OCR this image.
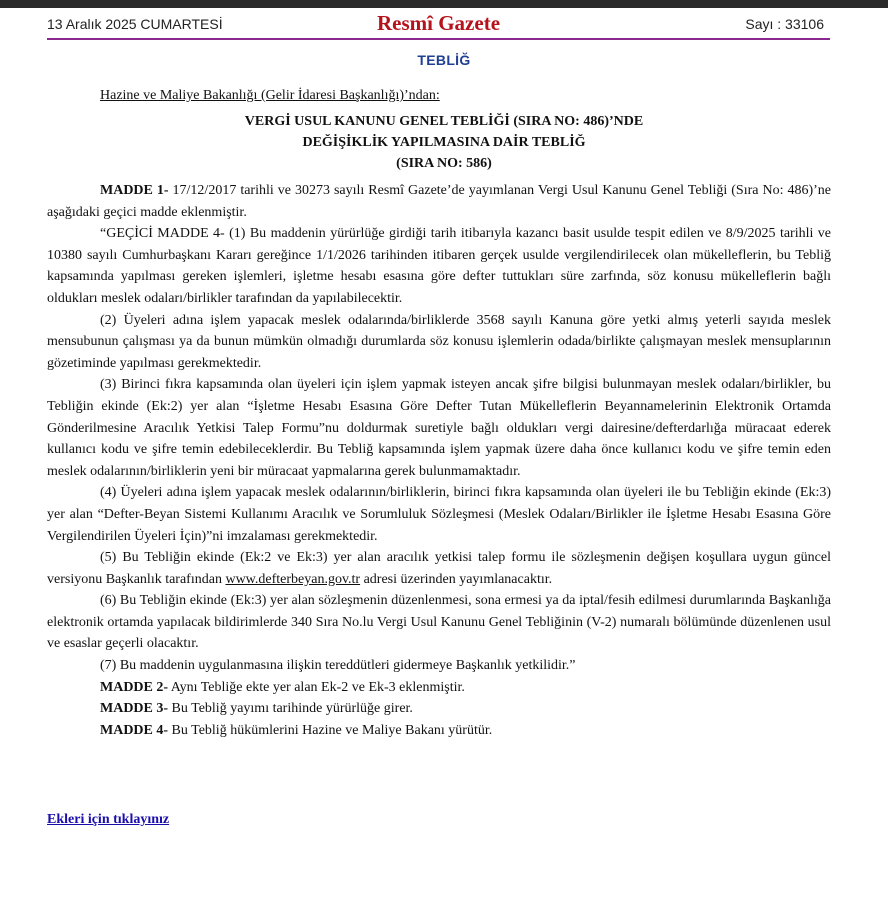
13 Aralık 2025 CUMARTESİ	Resmî Gazete	Sayı : 33106
TEBLİĞ
Hazine ve Maliye Bakanlığı (Gelir İdaresi Başkanlığı)’ndan:
VERGİ USUL KANUNU GENEL TEBLİĞİ (SIRA NO: 486)’NDE
DEĞİŞİKLİK YAPILMASINA DAİR TEBLİĞ
(SIRA NO: 586)

MADDE 1- 17/12/2017 tarihli ve 30273 sayılı Resmî Gazete’de yayımlanan Vergi Usul Kanunu Genel Tebliği (Sıra No: 486)’ne aşağıdaki geçici madde eklenmiştir.

“GEÇİCİ MADDE 4- (1) Bu maddenin yürürlüğe girdiği tarih itibarıyla kazancı basit usulde tespit edilen ve 8/9/2025 tarihli ve 10380 sayılı Cumhurbaşkanı Kararı gereğince 1/1/2026 tarihinden itibaren gerçek usulde vergilendirilecek olan mükelleflerin, bu Tebliğ kapsamında yapılması gereken işlemleri, işletme hesabı esasına göre defter tuttukları süre zarfında, söz konusu mükelleflerin bağlı oldukları meslek odaları/birlikler tarafından da yapılabilecektir.

(2) Üyeleri adına işlem yapacak meslek odalarında/birliklerde 3568 sayılı Kanuna göre yetki almış yeterli sayıda meslek mensubunun çalışması ya da bunun mümkün olmadığı durumlarda söz konusu işlemlerin odada/birlikte çalışmayan meslek mensuplarının gözetiminde yapılması gerekmektedir.

(3) Birinci fıkra kapsamında olan üyeleri için işlem yapmak isteyen ancak şifre bilgisi bulunmayan meslek odaları/birlikler, bu Tebliğin ekinde (Ek:2) yer alan “İşletme Hesabı Esasına Göre Defter Tutan Mükelleflerin Beyannamelerinin Elektronik Ortamda Gönderilmesine Aracılık Yetkisi Talep Formu”nu doldurmak suretiyle bağlı oldukları vergi dairesine/defterdarlığa müracaat ederek kullanıcı kodu ve şifre temin edebileceklerdir. Bu Tebliğ kapsamında işlem yapmak üzere daha önce kullanıcı kodu ve şifre temin eden meslek odalarının/birliklerin yeni bir müracaat yapmalarına gerek bulunmamaktadır.

(4) Üyeleri adına işlem yapacak meslek odalarının/birliklerin, birinci fıkra kapsamında olan üyeleri ile bu Tebliğin ekinde (Ek:3) yer alan “Defter-Beyan Sistemi Kullanımı Aracılık ve Sorumluluk Sözleşmesi (Meslek Odaları/Birlikler ile İşletme Hesabı Esasına Göre Vergilendirilen Üyeleri İçin)”ni imzalaması gerekmektedir.

(5) Bu Tebliğin ekinde (Ek:2 ve Ek:3) yer alan aracılık yetkisi talep formu ile sözleşmenin değişen koşullara uygun güncel versiyonu Başkanlık tarafından www.defterbeyan.gov.tr adresi üzerinden yayımlanacaktır.

(6) Bu Tebliğin ekinde (Ek:3) yer alan sözleşmenin düzenlenmesi, sona ermesi ya da iptal/fesih edilmesi durumlarında Başkanlığa elektronik ortamda yapılacak bildirimlerde 340 Sıra No.lu Vergi Usul Kanunu Genel Tebliğinin (V-2) numaralı bölümünde düzenlenen usul ve esaslar geçerli olacaktır.

(7) Bu maddenin uygulanmasına ilişkin tereddütleri gidermeye Başkanlık yetkilidir.”

MADDE 2- Aynı Tebliğe ekte yer alan Ek-2 ve Ek-3 eklenmiştir.

MADDE 3- Bu Tebliğ yayımı tarihinde yürürlüğe girer.

MADDE 4- Bu Tebliğ hükümlerini Hazine ve Maliye Bakanı yürütür.

Ekleri için tıklayınız
